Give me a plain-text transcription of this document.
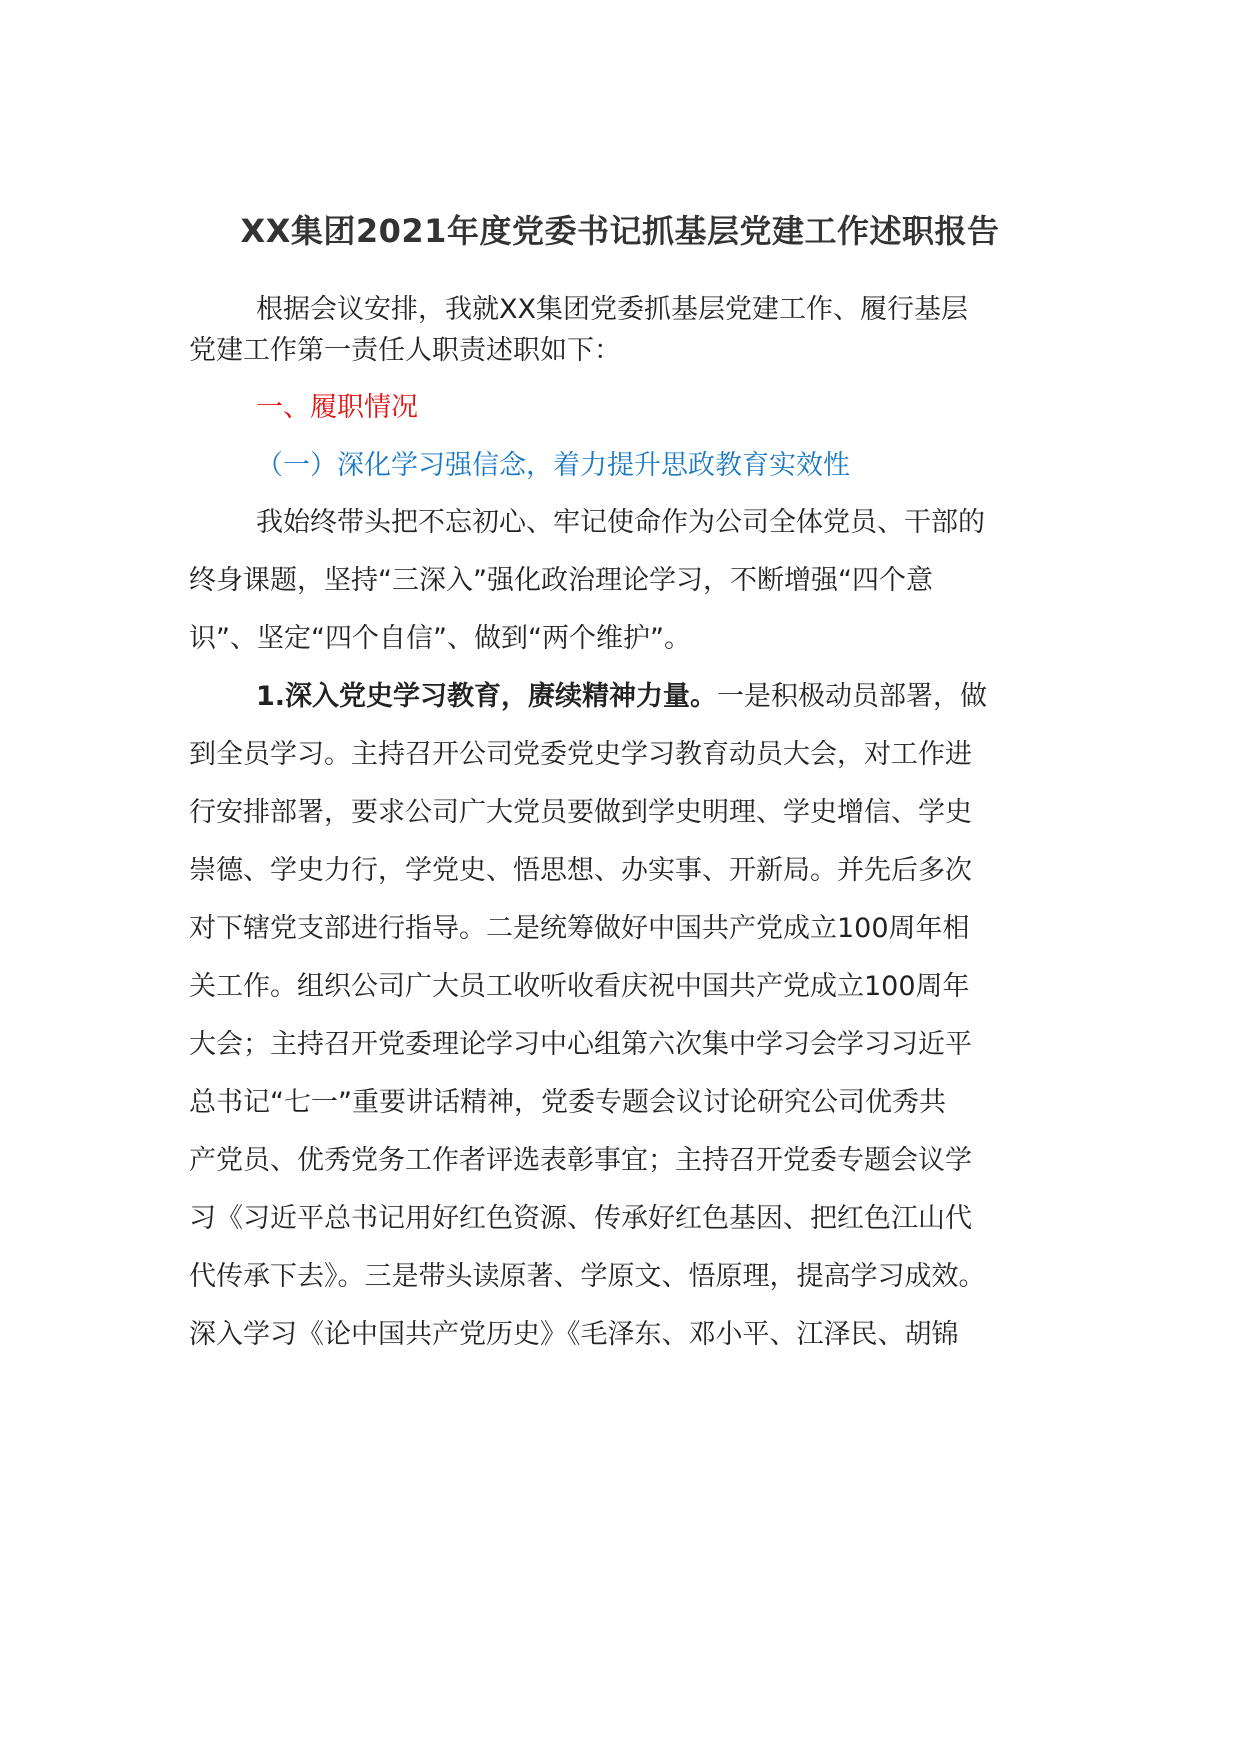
XX集团2021年度党委书记抓基层党建工作述职报告
根据会议安排，我就XX集团党委抓基层党建工作、履行基层
党建工作第一责任人职责述职如下：
一、履职情况
（一）深化学习强信念，着力提升思政教育实效性
我始终带头把不忘初心、牢记使命作为公司全体党员、干部的
终身课题，坚持“三深入”强化政治理论学习，不断增强“四个意
识”、坚定“四个自信”、做到“两个维护”。
1.深入党史学习教育，赓续精神力量。一是积极动员部署，做
到全员学习。主持召开公司党委党史学习教育动员大会，对工作进
行安排部署，要求公司广大党员要做到学史明理、学史增信、学史
崇德、学史力行，学党史、悟思想、办实事、开新局。并先后多次
对下辖党支部进行指导。二是统筹做好中国共产党成立100周年相
关工作。组织公司广大员工收听收看庆祝中国共产党成立100周年
大会；主持召开党委理论学习中心组第六次集中学习会学习习近平
总书记“七一”重要讲话精神，党委专题会议讨论研究公司优秀共
产党员、优秀党务工作者评选表彰事宜；主持召开党委专题会议学
习《习近平总书记用好红色资源、传承好红色基因、把红色江山代
代传承下去》。三是带头读原著、学原文、悟原理，提高学习成效。
深入学习《论中国共产党历史》《毛泽东、邓小平、江泽民、胡锦
